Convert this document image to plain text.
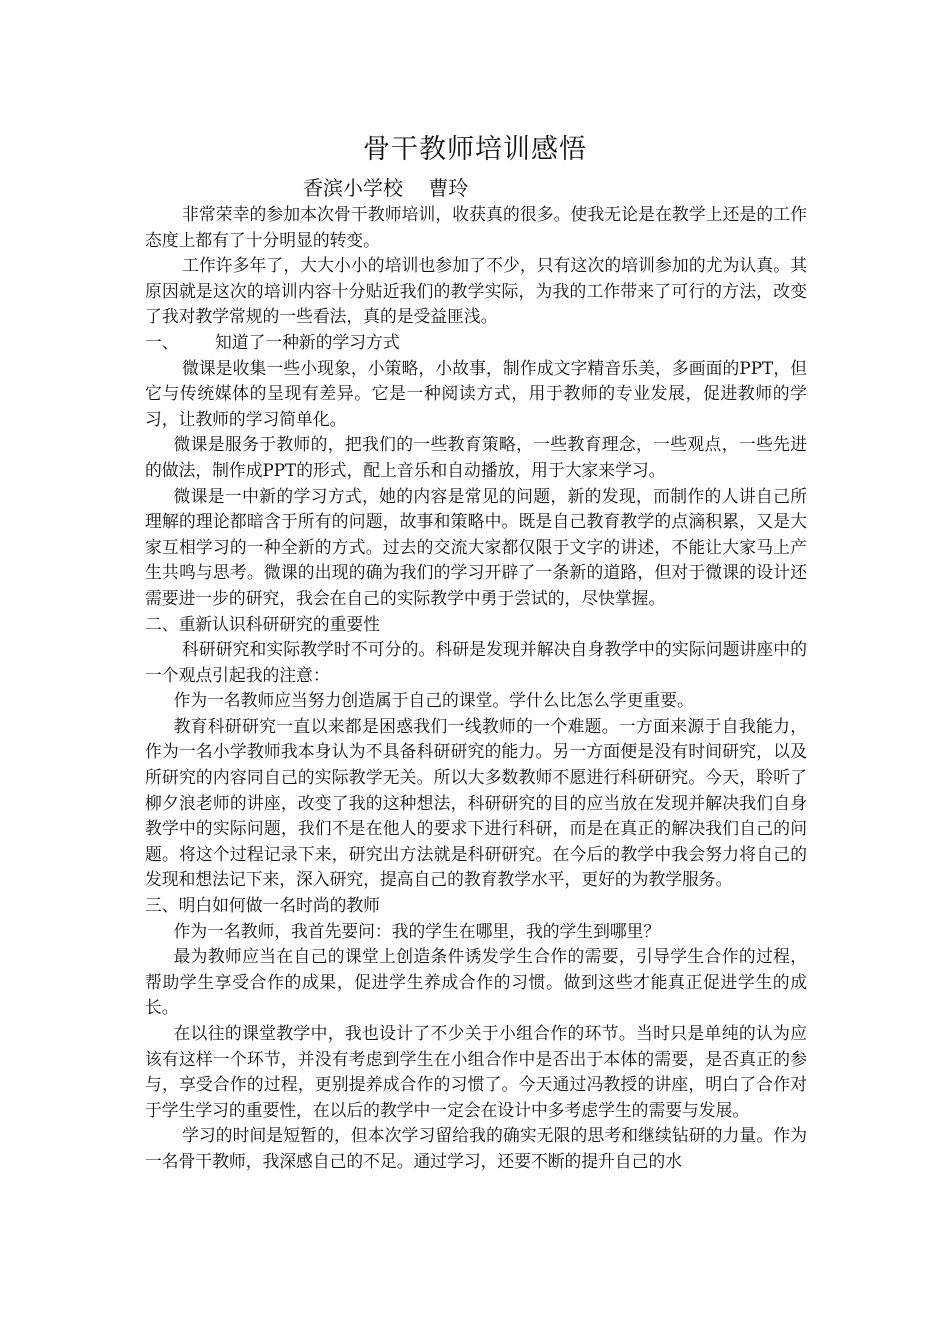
骨干教师培训感悟
香滨小学校    曹玲

非常荣幸的参加本次骨干教师培训，收获真的很多。使我无论是在教学上还是的工作态度上都有了十分明显的转变。

工作许多年了，大大小小的培训也参加了不少，只有这次的培训参加的尤为认真。其原因就是这次的培训内容十分贴近我们的教学实际，为我的工作带来了可行的方法，改变了我对教学常规的一些看法，真的是受益匪浅。

一、 知道了一种新的学习方式

微课是收集一些小现象，小策略，小故事，制作成文字精音乐美，多画面的PPT，但它与传统媒体的呈现有差异。它是一种阅读方式，用于教师的专业发展，促进教师的学习，让教师的学习简单化。

微课是服务于教师的，把我们的一些教育策略，一些教育理念，一些观点，一些先进的做法，制作成PPT的形式，配上音乐和自动播放，用于大家来学习。

微课是一中新的学习方式，她的内容是常见的问题，新的发现，而制作的人讲自己所理解的理论都暗含于所有的问题，故事和策略中。既是自己教育教学的点滴积累，又是大家互相学习的一种全新的方式。过去的交流大家都仅限于文字的讲述，不能让大家马上产生共鸣与思考。微课的出现的确为我们的学习开辟了一条新的道路，但对于微课的设计还需要进一步的研究，我会在自己的实际教学中勇于尝试的，尽快掌握。

二、重新认识科研研究的重要性

科研研究和实际教学时不可分的。科研是发现并解决自身教学中的实际问题讲座中的一个观点引起我的注意：

作为一名教师应当努力创造属于自己的课堂。学什么比怎么学更重要。

教育科研研究一直以来都是困惑我们一线教师的一个难题。一方面来源于自我能力，作为一名小学教师我本身认为不具备科研研究的能力。另一方面便是没有时间研究，以及所研究的内容同自己的实际教学无关。所以大多数教师不愿进行科研研究。今天，聆听了柳夕浪老师的讲座，改变了我的这种想法，科研研究的目的应当放在发现并解决我们自身教学中的实际问题，我们不是在他人的要求下进行科研，而是在真正的解决我们自己的问题。将这个过程记录下来，研究出方法就是科研研究。在今后的教学中我会努力将自己的发现和想法记下来，深入研究，提高自己的教育教学水平，更好的为教学服务。

三、明白如何做一名时尚的教师

作为一名教师，我首先要问：我的学生在哪里，我的学生到哪里？

最为教师应当在自己的课堂上创造条件诱发学生合作的需要，引导学生合作的过程，帮助学生享受合作的成果，促进学生养成合作的习惯。做到这些才能真正促进学生的成长。

在以往的课堂教学中，我也设计了不少关于小组合作的环节。当时只是单纯的认为应该有这样一个环节，并没有考虑到学生在小组合作中是否出于本体的需要，是否真正的参与，享受合作的过程，更别提养成合作的习惯了。今天通过冯教授的讲座，明白了合作对于学生学习的重要性，在以后的教学中一定会在设计中多考虑学生的需要与发展。

学习的时间是短暂的，但本次学习留给我的确实无限的思考和继续钻研的力量。作为一名骨干教师，我深感自己的不足。通过学习，还要不断的提升自己的水
